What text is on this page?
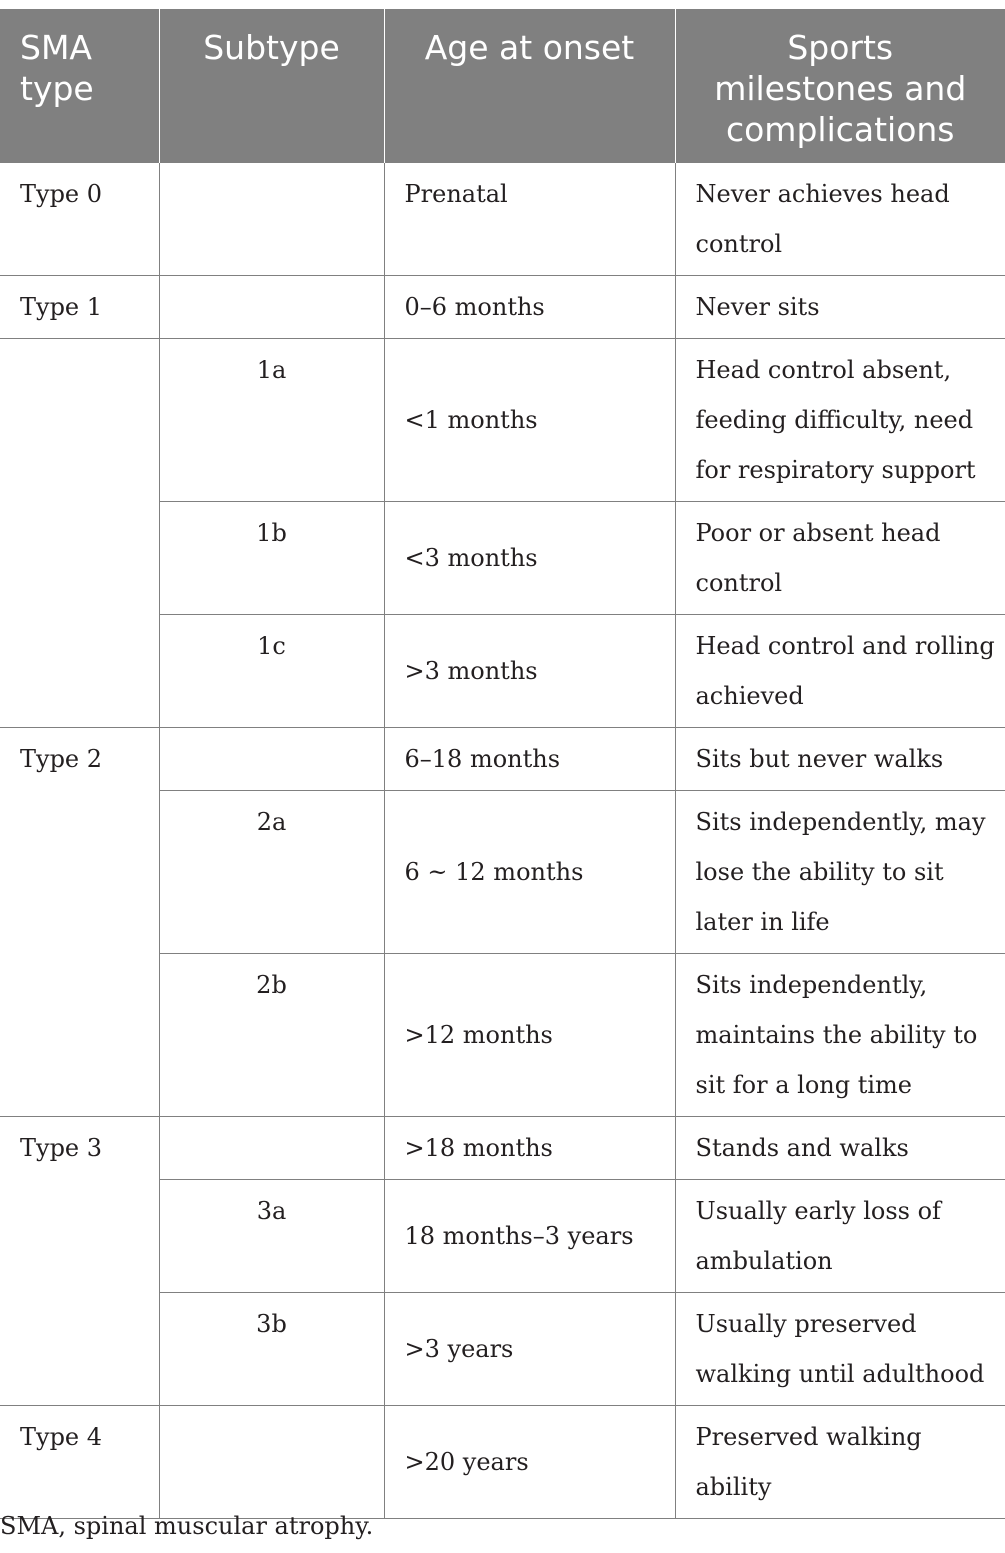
SMA type	Subtype	Age at onset	Sports milestones and complications
Type 0		Prenatal	Never achieves head control
Type 1		0–6 months	Never sits
	1a	<1 months	Head control absent, feeding difficulty, need for respiratory support
	1b	<3 months	Poor or absent head control
	1c	>3 months	Head control and rolling achieved
Type 2		6–18 months	Sits but never walks
	2a	6 ~ 12 months	Sits independently, may lose the ability to sit later in life
	2b	>12 months	Sits independently, maintains the ability to sit for a long time
Type 3		>18 months	Stands and walks
	3a	18 months–3 years	Usually early loss of ambulation
	3b	>3 years	Usually preserved walking until adulthood
Type 4		>20 years	Preserved walking ability
SMA, spinal muscular atrophy.
